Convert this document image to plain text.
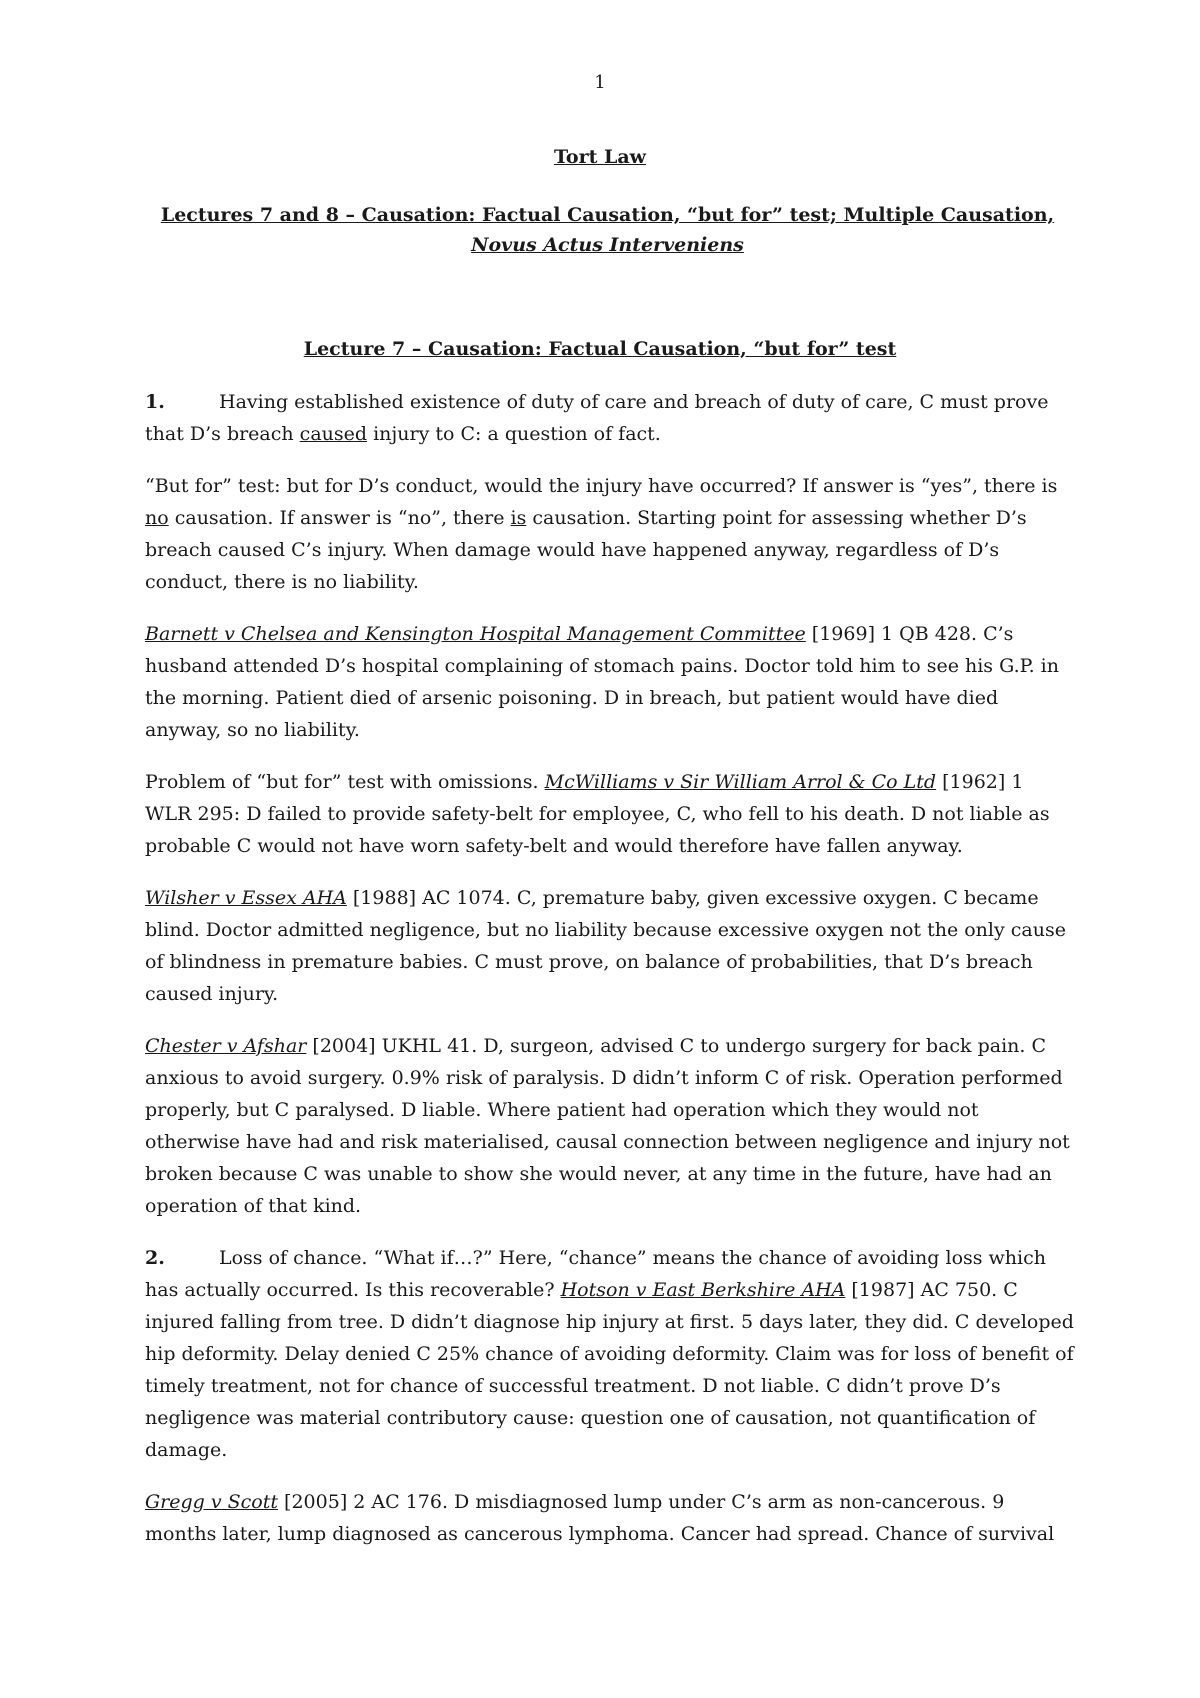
1
Tort Law
Lectures 7 and 8 – Causation: Factual Causation, “but for” test; Multiple Causation,
Novus Actus Interveniens
Lecture 7 – Causation: Factual Causation, “but for” test

1.	Having established existence of duty of care and breach of duty of care, C must prove that D’s breach caused injury to C: a question of fact.

“But for” test: but for D’s conduct, would the injury have occurred? If answer is “yes”, there is no causation. If answer is “no”, there is causation. Starting point for assessing whether D’s breach caused C’s injury. When damage would have happened anyway, regardless of D’s conduct, there is no liability.

Barnett v Chelsea and Kensington Hospital Management Committee [1969] 1 QB 428. C’s husband attended D’s hospital complaining of stomach pains. Doctor told him to see his G.P. in the morning. Patient died of arsenic poisoning. D in breach, but patient would have died anyway, so no liability.

Problem of “but for” test with omissions. McWilliams v Sir William Arrol & Co Ltd [1962] 1 WLR 295: D failed to provide safety-belt for employee, C, who fell to his death. D not liable as probable C would not have worn safety-belt and would therefore have fallen anyway.

Wilsher v Essex AHA [1988] AC 1074. C, premature baby, given excessive oxygen. C became blind. Doctor admitted negligence, but no liability because excessive oxygen not the only cause of blindness in premature babies. C must prove, on balance of probabilities, that D’s breach caused injury.

Chester v Afshar [2004] UKHL 41. D, surgeon, advised C to undergo surgery for back pain. C anxious to avoid surgery. 0.9% risk of paralysis. D didn’t inform C of risk. Operation performed properly, but C paralysed. D liable. Where patient had operation which they would not otherwise have had and risk materialised, causal connection between negligence and injury not broken because C was unable to show she would never, at any time in the future, have had an operation of that kind.

2.	Loss of chance. “What if…?” Here, “chance” means the chance of avoiding loss which has actually occurred. Is this recoverable? Hotson v East Berkshire AHA [1987] AC 750. C injured falling from tree. D didn’t diagnose hip injury at first. 5 days later, they did. C developed hip deformity. Delay denied C 25% chance of avoiding deformity. Claim was for loss of benefit of timely treatment, not for chance of successful treatment. D not liable. C didn’t prove D’s negligence was material contributory cause: question one of causation, not quantification of damage.

Gregg v Scott [2005] 2 AC 176. D misdiagnosed lump under C’s arm as non-cancerous. 9 months later, lump diagnosed as cancerous lymphoma. Cancer had spread. Chance of survival
